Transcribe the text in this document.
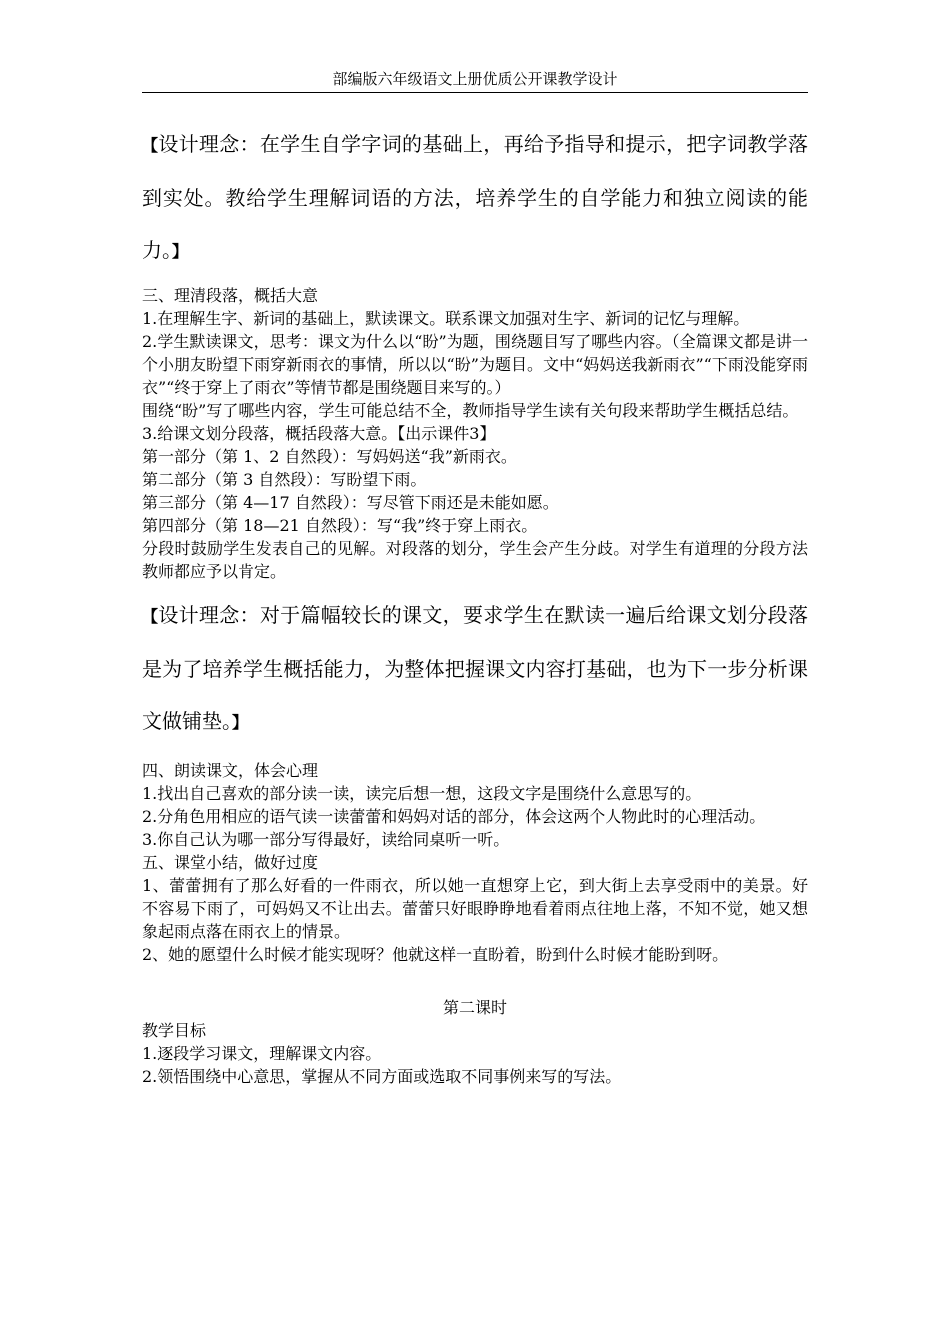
部编版六年级语文上册优质公开课教学设计

【设计理念：在学生自学字词的基础上，再给予指导和提示，把字词教学落到实处。教给学生理解词语的方法，培养学生的自学能力和独立阅读的能力。】

三、理清段落，概括大意

1.在理解生字、新词的基础上，默读课文。联系课文加强对生字、新词的记忆与理解。

2.学生默读课文，思考：课文为什么以“盼”为题，围绕题目写了哪些内容。（全篇课文都是讲一个小朋友盼望下雨穿新雨衣的事情，所以以“盼”为题目。文中“妈妈送我新雨衣”“下雨没能穿雨衣”“终于穿上了雨衣”等情节都是围绕题目来写的。）

围绕“盼”写了哪些内容，学生可能总结不全，教师指导学生读有关句段来帮助学生概括总结。

3.给课文划分段落，概括段落大意。【出示课件3】

第一部分（第 1、2 自然段）：写妈妈送“我”新雨衣。

第二部分（第 3 自然段）：写盼望下雨。

第三部分（第 4—17 自然段）：写尽管下雨还是未能如愿。

第四部分（第 18—21 自然段）：写“我”终于穿上雨衣。

分段时鼓励学生发表自己的见解。对段落的划分，学生会产生分歧。对学生有道理的分段方法教师都应予以肯定。

【设计理念：对于篇幅较长的课文，要求学生在默读一遍后给课文划分段落是为了培养学生概括能力，为整体把握课文内容打基础，也为下一步分析课文做铺垫。】

四、朗读课文，体会心理

1.找出自己喜欢的部分读一读，读完后想一想，这段文字是围绕什么意思写的。

2.分角色用相应的语气读一读蕾蕾和妈妈对话的部分，体会这两个人物此时的心理活动。

3.你自己认为哪一部分写得最好，读给同桌听一听。

五、课堂小结，做好过度

1、蕾蕾拥有了那么好看的一件雨衣，所以她一直想穿上它，到大街上去享受雨中的美景。好不容易下雨了，可妈妈又不让出去。蕾蕾只好眼睁睁地看着雨点往地上落，不知不觉，她又想象起雨点落在雨衣上的情景。

2、她的愿望什么时候才能实现呀？他就这样一直盼着，盼到什么时候才能盼到呀。

第二课时

教学目标

1.逐段学习课文，理解课文内容。

2.领悟围绕中心意思，掌握从不同方面或选取不同事例来写的写法。
